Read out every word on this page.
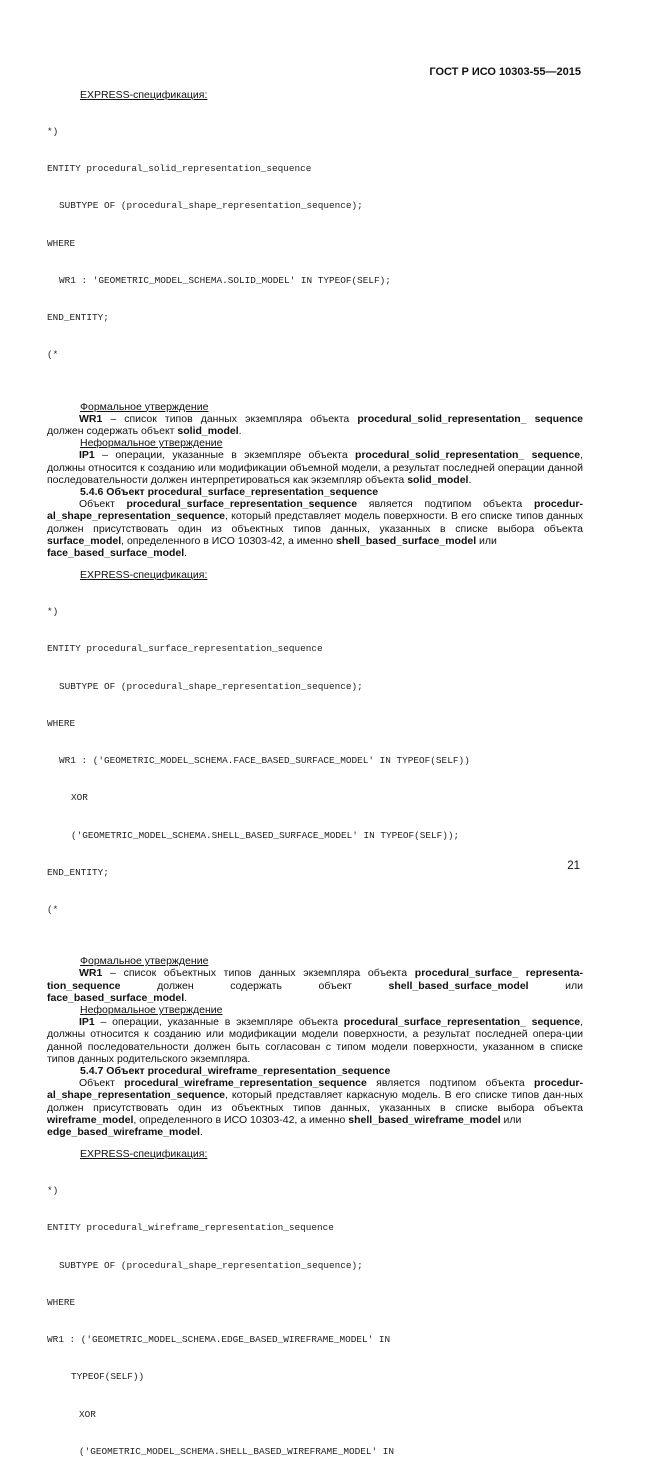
ГОСТ Р ИСО 10303-55—2015
EXPRESS-спецификация:

*)

ENTITY procedural_solid_representation_sequence

SUBTYPE OF (procedural_shape_representation_sequence);

WHERE

WR1 : 'GEOMETRIC_MODEL_SCHEMA.SOLID_MODEL' IN TYPEOF(SELF);

END_ENTITY;

(*

Формальное утверждение
WR1 – список типов данных экземпляра объекта procedural_solid_representation_ sequence
должен содержать объект solid_model.
Неформальное утверждение
IP1 – операции, указанные в экземпляре объекта procedural_solid_representation_ sequence,
должны относится к созданию или модификации объемной модели, а результат последней операции данной последовательности должен интерпретироваться как экземпляр объекта solid_model.
5.4.6 Объект procedural_surface_representation_sequence
Объект procedural_surface_representation_sequence является подтипом объекта procedur-
al_shape_representation_sequence, который представляет модель поверхности. В его списке типов данных должен присутствовать один из объектных типов данных, указанных в списке выбора объекта surface_model, определенного в ИСО 10303-42, а именно shell_based_surface_model или
face_based_surface_model.
EXPRESS-спецификация:

*)

ENTITY procedural_surface_representation_sequence

SUBTYPE OF (procedural_shape_representation_sequence);

WHERE

WR1 : ('GEOMETRIC_MODEL_SCHEMA.FACE_BASED_SURFACE_MODEL' IN TYPEOF(SELF))

XOR

('GEOMETRIC_MODEL_SCHEMA.SHELL_BASED_SURFACE_MODEL' IN TYPEOF(SELF));

END_ENTITY;

(*

Формальное утверждение
WR1 – список объектных типов данных экземпляра объекта procedural_surface_ representa-
tion_sequence	должен	содержать	объект	shell_based_surface_model	или
face_based_surface_model.
Неформальное утверждение
IP1 – операции, указанные в экземпляре объекта procedural_surface_representation_ sequence,
должны относится к созданию или модификации модели поверхности, а результат последней опера-ции данной последовательности должен быть согласован с типом модели поверхности, указанном в списке типов данных родительского экземпляра.
5.4.7 Объект procedural_wireframe_representation_sequence
Объект procedural_wireframe_representation_sequence является подтипом объекта procedur-
al_shape_representation_sequence, который представляет каркасную модель. В его списке типов дан-ных должен присутствовать один из объектных типов данных, указанных в списке выбора объекта wireframe_model, определенного в ИСО 10303-42, а именно shell_based_wireframe_model или
edge_based_wireframe_model.
EXPRESS-спецификация:

*)

ENTITY procedural_wireframe_representation_sequence

SUBTYPE OF (procedural_shape_representation_sequence);

WHERE

WR1 : ('GEOMETRIC_MODEL_SCHEMA.EDGE_BASED_WIREFRAME_MODEL' IN

TYPEOF(SELF))

XOR

('GEOMETRIC_MODEL_SCHEMA.SHELL_BASED_WIREFRAME_MODEL' IN

21
